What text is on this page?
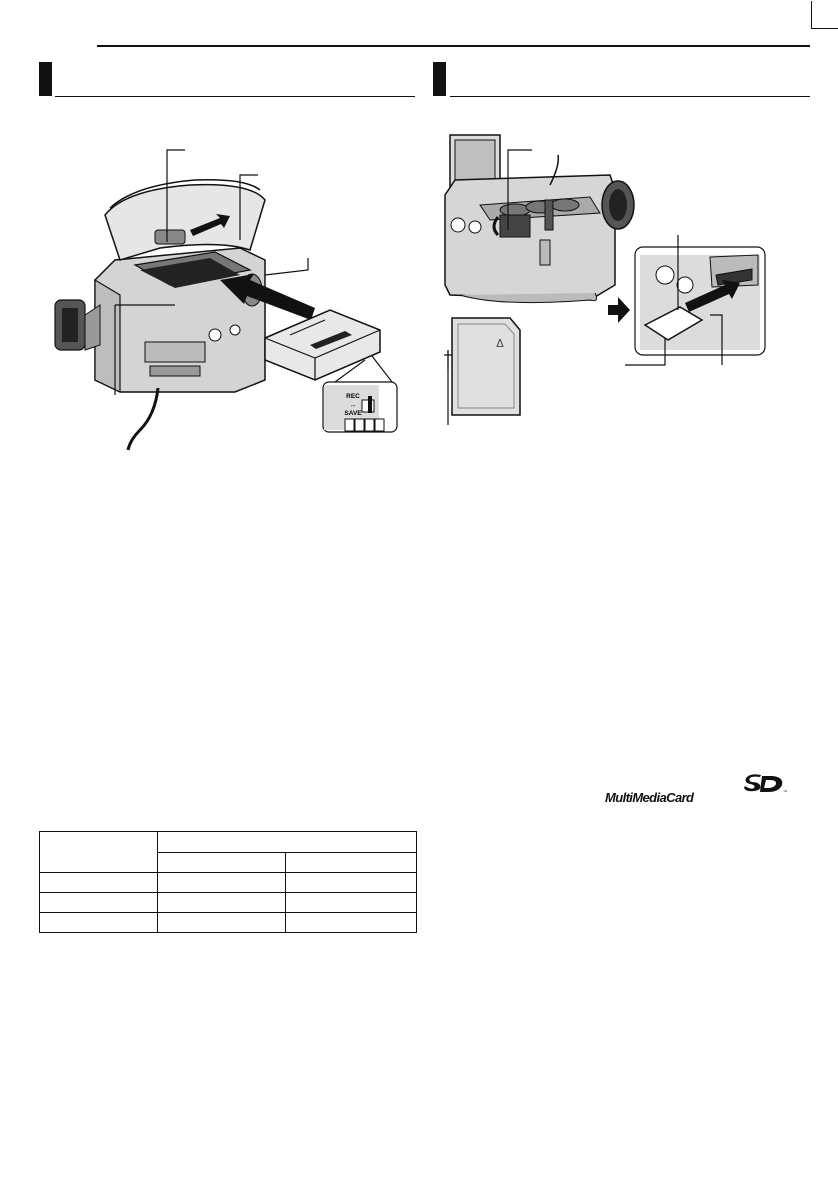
REC
↔
SAVE
Δ
MultiMediaCard	™
